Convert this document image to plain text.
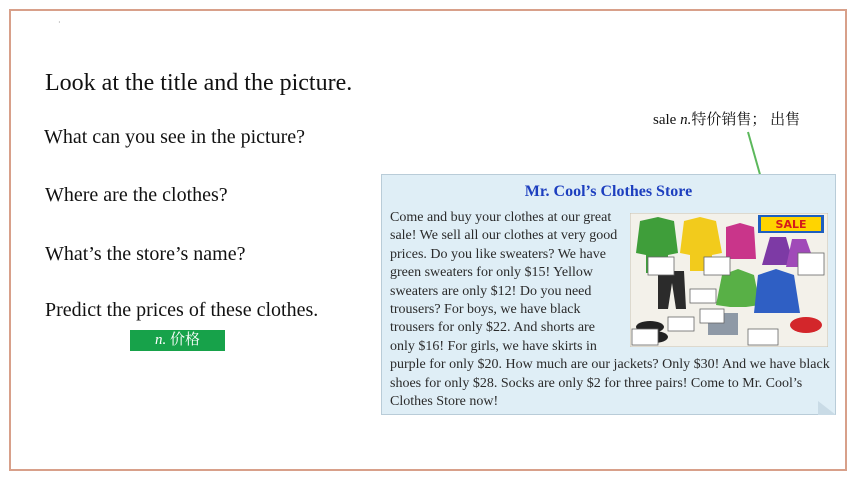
·
Look at the title and the picture.
What can you see in the picture?
Where are the clothes?
What’s the store’s name?
Predict the prices of these clothes.
n. 价格
sale n.特价销售； 出售
Mr. Cool’s Clothes Store
Come and buy your clothes at our great sale! We sell all our clothes at very good prices. Do you like sweaters? We have green sweaters for only $15! Yellow sweaters are only $12! Do you need trousers? For boys, we have black trousers for only $22. And shorts are only $16! For girls, we have skirts in purple for only $20. How much are our jackets? Only $30! And we have black shoes for only $28. Socks are only $2 for three pairs! Come to Mr. Cool’s Clothes Store now!
SALE
